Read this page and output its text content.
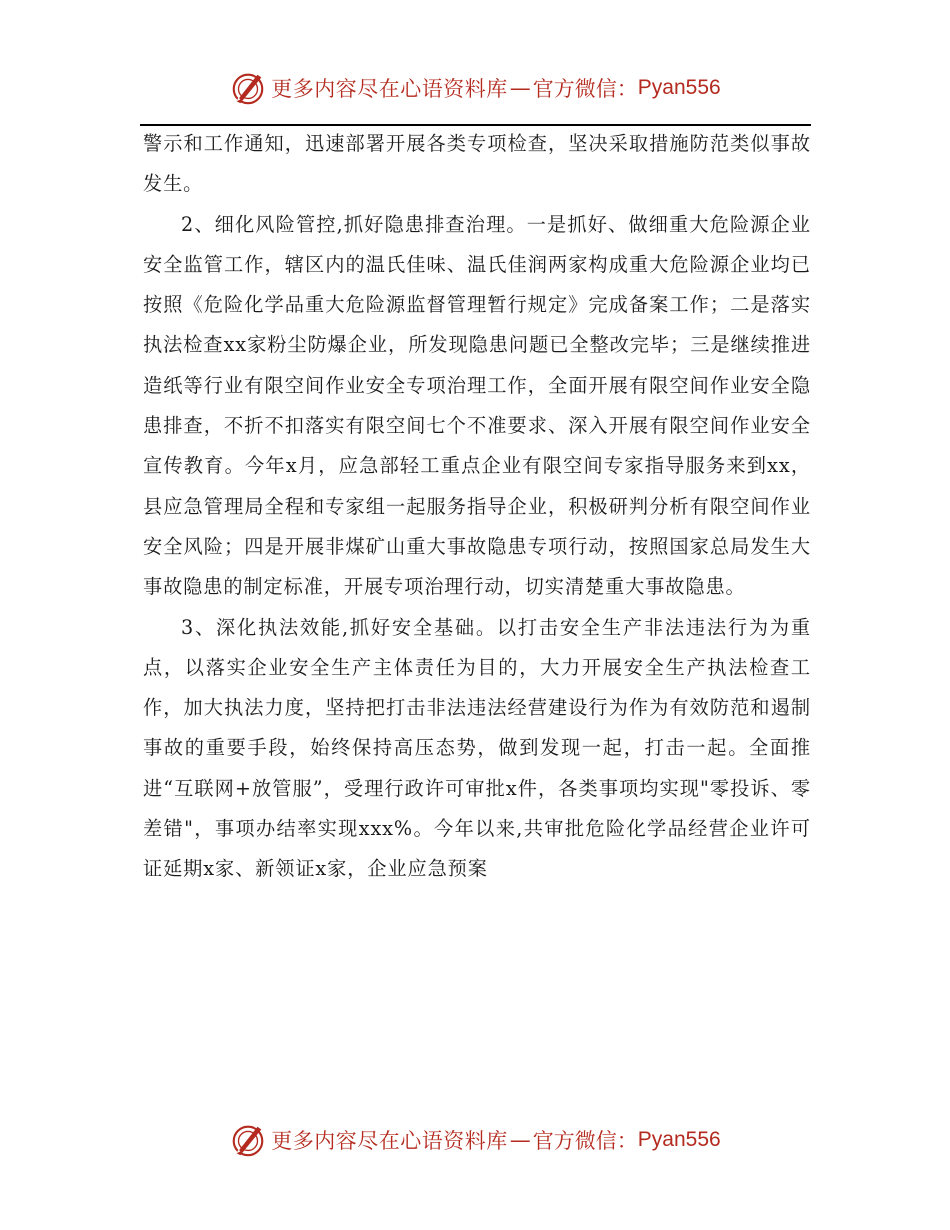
更多内容尽在心语资料库 — 官方微信： Pyan556

警示和工作通知，迅速部署开展各类专项检查，坚决采取措施防范类似事故发生。

2、细化风险管控,抓好隐患排查治理。一是抓好、做细重大危险源企业安全监管工作，辖区内的温氏佳味、温氏佳润两家构成重大危险源企业均已按照《危险化学品重大危险源监督管理暂行规定》完成备案工作；二是落实执法检查xx家粉尘防爆企业，所发现隐患问题已全整改完毕；三是继续推进造纸等行业有限空间作业安全专项治理工作，全面开展有限空间作业安全隐患排查，不折不扣落实有限空间七个不准要求、深入开展有限空间作业安全宣传教育。今年x月，应急部轻工重点企业有限空间专家指导服务来到xx，县应急管理局全程和专家组一起服务指导企业，积极研判分析有限空间作业安全风险；四是开展非煤矿山重大事故隐患专项行动，按照国家总局发生大事故隐患的制定标准，开展专项治理行动，切实清楚重大事故隐患。

3、深化执法效能,抓好安全基础。以打击安全生产非法违法行为为重点，以落实企业安全生产主体责任为目的，大力开展安全生产执法检查工作，加大执法力度，坚持把打击非法违法经营建设行为作为有效防范和遏制事故的重要手段，始终保持高压态势，做到发现一起，打击一起。全面推进“互联网+放管服”，受理行政许可审批x件，各类事项均实现"零投诉、零差错"，事项办结率实现xxx%。今年以来,共审批危险化学品经营企业许可证延期x家、新领证x家，企业应急预案

更多内容尽在心语资料库 — 官方微信： Pyan556
